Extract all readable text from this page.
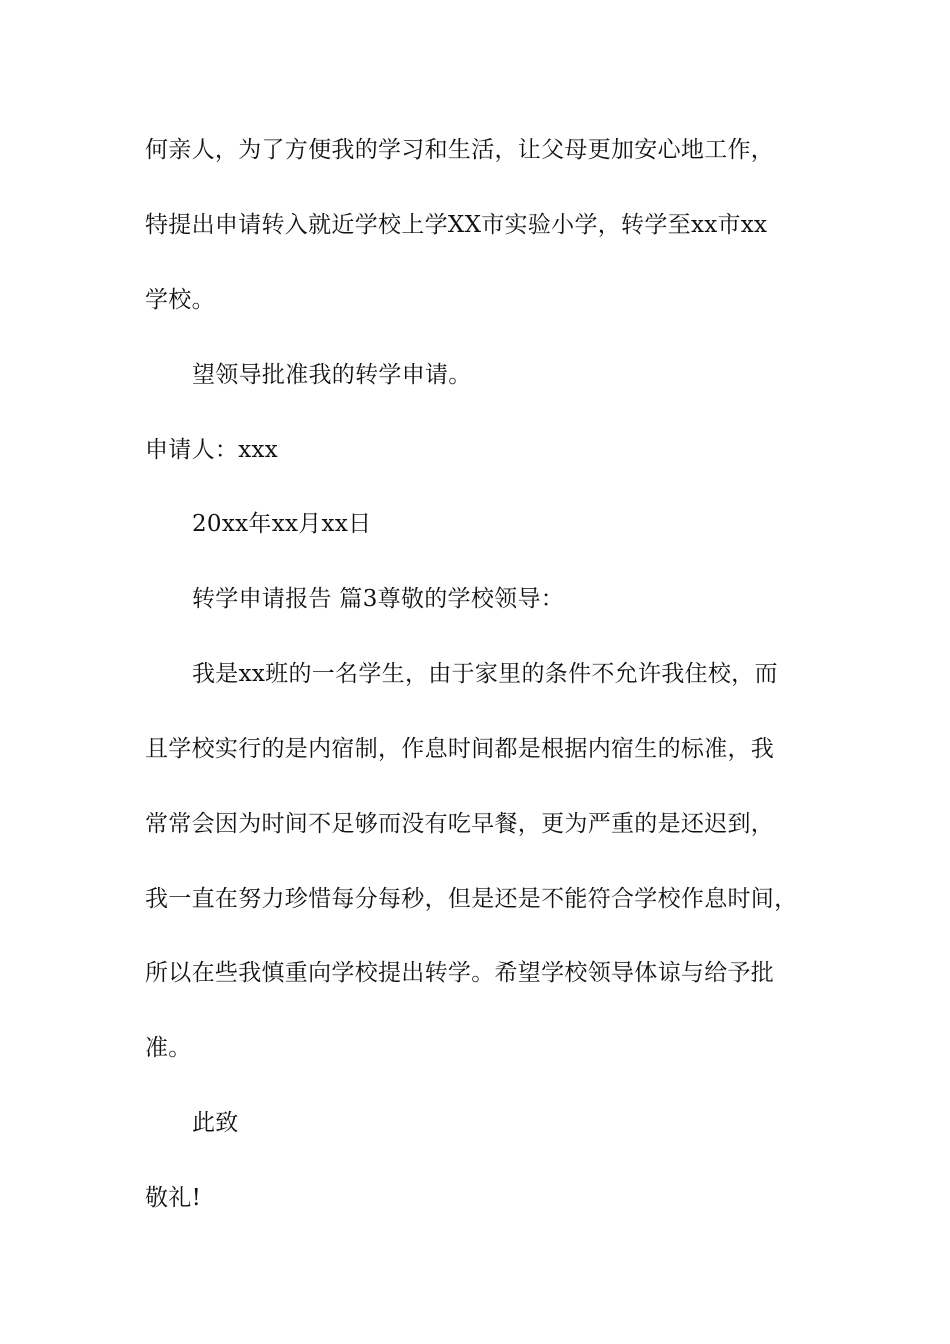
何亲人，为了方便我的学习和生活，让父母更加安心地工作，
特提出申请转入就近学校上学XX市实验小学，转学至xx市xx
学校。
望领导批准我的转学申请。
申请人：xxx
20xx年xx月xx日
转学申请报告 篇3尊敬的学校领导：
我是xx班的一名学生，由于家里的条件不允许我住校，而
且学校实行的是内宿制，作息时间都是根据内宿生的标准，我
常常会因为时间不足够而没有吃早餐，更为严重的是还迟到，
我一直在努力珍惜每分每秒，但是还是不能符合学校作息时间，
所以在些我慎重向学校提出转学。希望学校领导体谅与给予批
准。
此致
敬礼!
